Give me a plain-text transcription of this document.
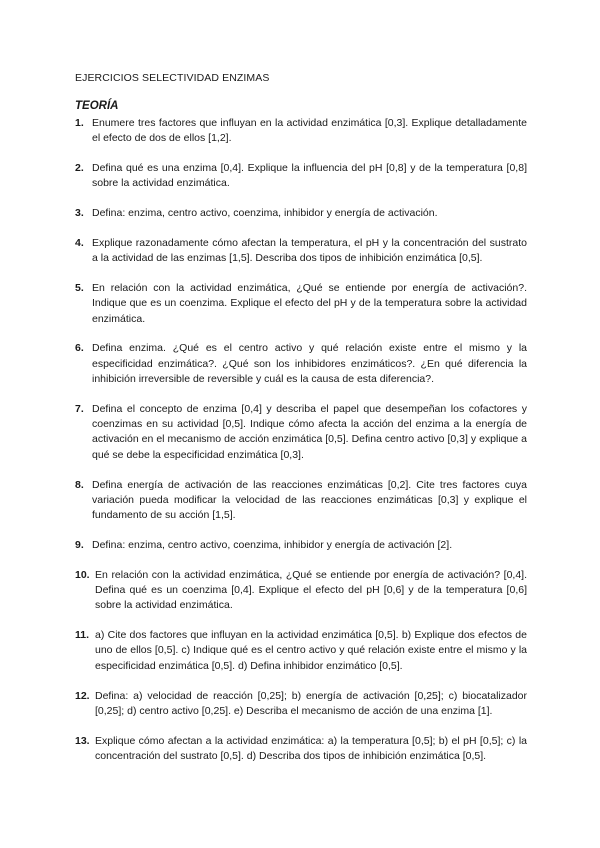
EJERCICIOS SELECTIVIDAD ENZIMAS
TEORÍA
1. Enumere tres factores que influyan en la actividad enzimática [0,3]. Explique detalladamente el efecto de dos de ellos [1,2].
2. Defina qué es una enzima [0,4]. Explique la influencia del pH [0,8] y de la temperatura [0,8] sobre la actividad enzimática.
3. Defina: enzima, centro activo, coenzima, inhibidor y energía de activación.
4. Explique razonadamente cómo afectan la temperatura, el pH y la concentración del sustrato a la actividad de las enzimas [1,5]. Describa dos tipos de inhibición enzimática [0,5].
5. En relación con la actividad enzimática, ¿Qué se entiende por energía de activación?. Indique que es un coenzima. Explique el efecto del pH y de la temperatura sobre la actividad enzimática.
6. Defina enzima. ¿Qué es el centro activo y qué relación existe entre el mismo y la especificidad enzimática?. ¿Qué son los inhibidores enzimáticos?. ¿En qué diferencia la inhibición irreversible de reversible y cuál es la causa de esta diferencia?.
7. Defina el concepto de enzima [0,4] y describa el papel que desempeñan los cofactores y coenzimas en su actividad [0,5]. Indique cómo afecta la acción del enzima a la energía de activación en el mecanismo de acción enzimática [0,5]. Defina centro activo [0,3] y explique a qué se debe la especificidad enzimática [0,3].
8. Defina energía de activación de las reacciones enzimáticas [0,2]. Cite tres factores cuya variación pueda modificar la velocidad de las reacciones enzimáticas [0,3] y explique el fundamento de su acción [1,5].
9. Defina: enzima, centro activo, coenzima, inhibidor y energía de activación [2].
10. En relación con la actividad enzimática, ¿Qué se entiende por energía de activación? [0,4]. Defina qué es un coenzima [0,4]. Explique el efecto del pH [0,6] y de la temperatura [0,6] sobre la actividad enzimática.
11. a) Cite dos factores que influyan en la actividad enzimática [0,5]. b) Explique dos efectos de uno de ellos [0,5]. c) Indique qué es el centro activo y qué relación existe entre el mismo y la especificidad enzimática [0,5]. d) Defina inhibidor enzimático [0,5].
12. Defina: a) velocidad de reacción [0,25]; b) energía de activación [0,25]; c) biocatalizador [0,25]; d) centro activo [0,25]. e) Describa el mecanismo de acción de una enzima [1].
13. Explique cómo afectan a la actividad enzimática: a) la temperatura [0,5]; b) el pH [0,5]; c) la concentración del sustrato [0,5]. d) Describa dos tipos de inhibición enzimática [0,5].
